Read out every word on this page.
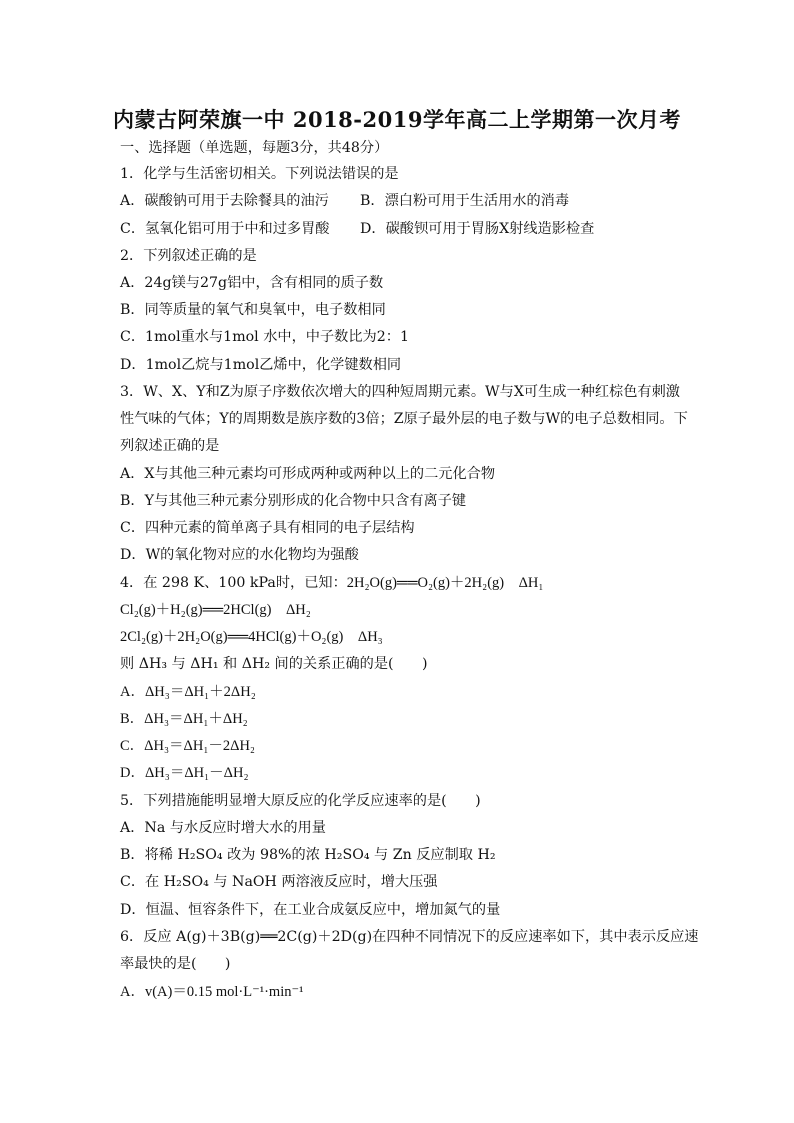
内蒙古阿荣旗一中 2018-2019学年高二上学期第一次月考
一、选择题（单选题，每题3分，共48分）
1．化学与生活密切相关。下列说法错误的是
A．碳酸钠可用于去除餐具的油污 B．漂白粉可用于生活用水的消毒
C．氢氧化铝可用于中和过多胃酸 D．碳酸钡可用于胃肠X射线造影检查
2．下列叙述正确的是
A．24g镁与27g铝中，含有相同的质子数
B．同等质量的氧气和臭氧中，电子数相同
C．1mol重水与1mol 水中，中子数比为2：1
D．1mol乙烷与1mol乙烯中，化学键数相同
3．W、X、Y和Z为原子序数依次增大的四种短周期元素。W与X可生成一种红棕色有刺激
性气味的气体；Y的周期数是族序数的3倍；Z原子最外层的电子数与W的电子总数相同。下
列叙述正确的是
A．X与其他三种元素均可形成两种或两种以上的二元化合物
B．Y与其他三种元素分别形成的化合物中只含有离子键
C．四种元素的简单离子具有相同的电子层结构
D．W的氧化物对应的水化物均为强酸
4．在 298 K、100 kPa时，已知：2H₂O(g)══O₂(g)＋2H₂(g)　ΔH₁
Cl₂(g)＋H₂(g)══2HCl(g)　ΔH₂
2Cl₂(g)＋2H₂O(g)══4HCl(g)＋O₂(g)　ΔH₃
则 ΔH₃ 与 ΔH₁ 和 ΔH₂ 间的关系正确的是(　　)
A．ΔH₃＝ΔH₁＋2ΔH₂
B．ΔH₃＝ΔH₁＋ΔH₂
C．ΔH₃＝ΔH₁－2ΔH₂
D．ΔH₃＝ΔH₁－ΔH₂
5．下列措施能明显增大原反应的化学反应速率的是(　　)
A．Na 与水反应时增大水的用量
B．将稀 H₂SO₄ 改为 98%的浓 H₂SO₄ 与 Zn 反应制取 H₂
C．在 H₂SO₄ 与 NaOH 两溶液反应时，增大压强
D．恒温、恒容条件下，在工业合成氨反应中，增加氮气的量
6．反应 A(g)＋3B(g)══2C(g)＋2D(g)在四种不同情况下的反应速率如下，其中表示反应速
率最快的是(　　)
A．v(A)＝0.15 mol·L⁻¹·min⁻¹
